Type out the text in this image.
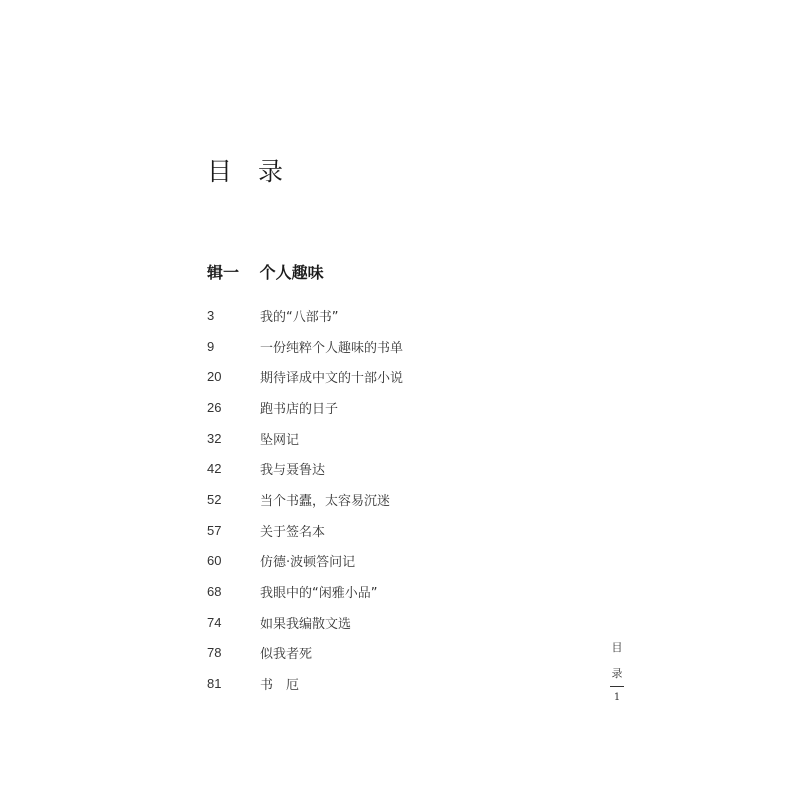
目 录
辑一 个人趣味
3	我的“八部书”
9	一份纯粹个人趣味的书单
20	期待译成中文的十部小说
26	跑书店的日子
32	坠网记
42	我与聂鲁达
52	当个书蠹，太容易沉迷
57	关于签名本
60	仿德·波顿答问记
68	我眼中的“闲雅小品”
74	如果我编散文选
78	似我者死
81	书　厄
目
录
1
